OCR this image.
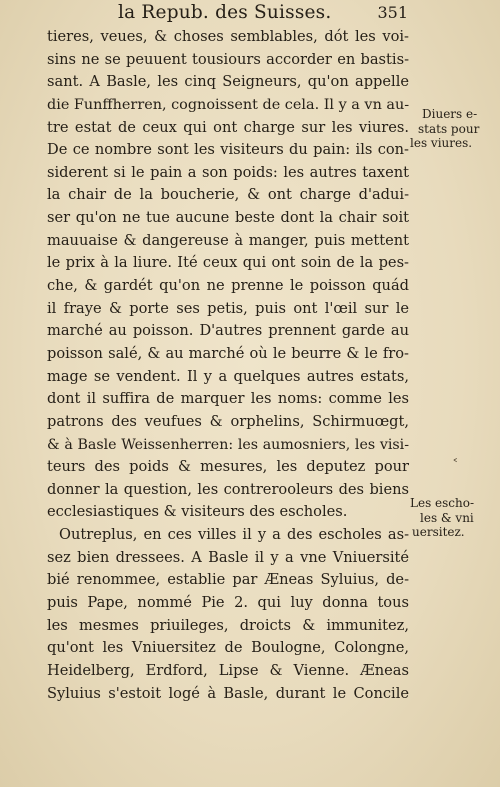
la Repub. des Suisses.	351
tieres, veues, & choses semblables, dót les voi-
sins ne se peuuent tousiours accorder en bastis-
sant. A Basle, les cinq Seigneurs, qu'on appelle
die Funffherren, cognoissent de cela. Il y a vn au-
tre estat de ceux qui ont charge sur les viures.
De ce nombre sont les visiteurs du pain: ils con-
siderent si le pain a son poids: les autres taxent
la chair de la boucherie, & ont charge d'adui-
ser qu'on ne tue aucune beste dont la chair soit
mauuaise & dangereuse à manger, puis mettent
le prix à la liure. Ité ceux qui ont soin de la pes-
che, & gardét qu'on ne prenne le poisson quád
il fraye & porte ses petis, puis ont l'œil sur le
marché au poisson. D'autres prennent garde au
poisson salé, & au marché où le beurre & le fro-
mage se vendent. Il y a quelques autres estats,
dont il suffira de marquer les noms: comme les
patrons des veufues & orphelins, Schirmuœgt,
& à Basle Weissenherren: les aumosniers, les visi-
teurs des poids & mesures, les deputez pour
donner la question, les contrerooleurs des biens
ecclesiastiques & visiteurs des escholes.
Outreplus, en ces villes il y a des escholes as-
sez bien dressees. A Basle il y a vne Vniuersité
bié renommee, establie par Æneas Syluius, de-
puis Pape, nommé Pie 2. qui luy donna tous
les mesmes priuileges, droicts & immunitez,
qu'ont les Vniuersitez de Boulogne, Colongne,
Heidelberg, Erdford, Lipse & Vienne. Æneas
Syluius s'estoit logé à Basle, durant le Concile
Diuers e-
stats pour
les viures.
Les escho-
les & vni
uersitez.
˂
